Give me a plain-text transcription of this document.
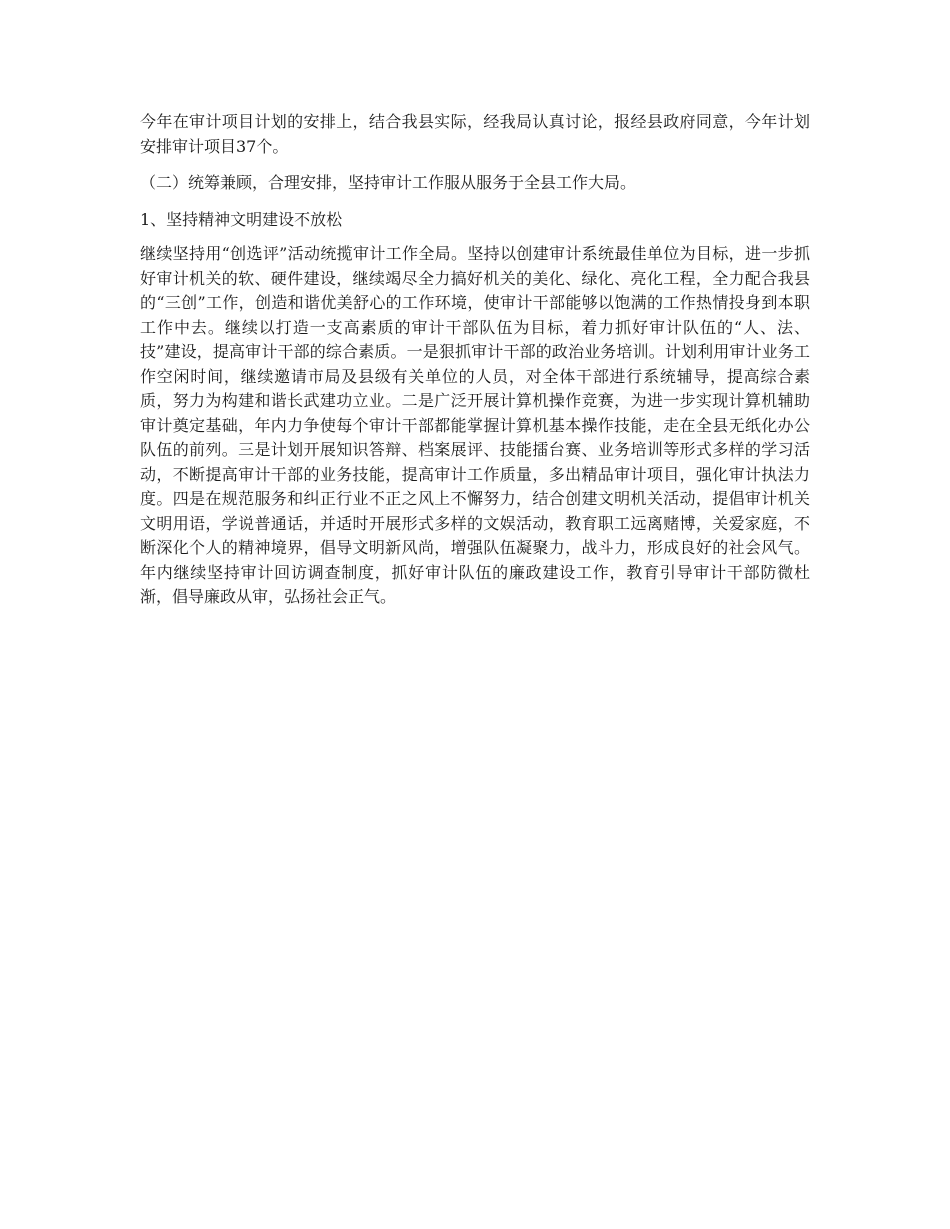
今年在审计项目计划的安排上，结合我县实际，经我局认真讨论，报经县政府同意，今年计划安排审计项目37个。

（二）统筹兼顾，合理安排，坚持审计工作服从服务于全县工作大局。

1、坚持精神文明建设不放松

继续坚持用“创选评”活动统揽审计工作全局。坚持以创建审计系统最佳单位为目标，进一步抓好审计机关的软、硬件建设，继续竭尽全力搞好机关的美化、绿化、亮化工程，全力配合我县的“三创”工作，创造和谐优美舒心的工作环境，使审计干部能够以饱满的工作热情投身到本职工作中去。继续以打造一支高素质的审计干部队伍为目标，着力抓好审计队伍的“人、法、技”建设，提高审计干部的综合素质。一是狠抓审计干部的政治业务培训。计划利用审计业务工作空闲时间，继续邀请市局及县级有关单位的人员，对全体干部进行系统辅导，提高综合素质，努力为构建和谐长武建功立业。二是广泛开展计算机操作竞赛，为进一步实现计算机辅助审计奠定基础，年内力争使每个审计干部都能掌握计算机基本操作技能，走在全县无纸化办公队伍的前列。三是计划开展知识答辩、档案展评、技能擂台赛、业务培训等形式多样的学习活动，不断提高审计干部的业务技能，提高审计工作质量，多出精品审计项目，强化审计执法力度。四是在规范服务和纠正行业不正之风上不懈努力，结合创建文明机关活动，提倡审计机关文明用语，学说普通话，并适时开展形式多样的文娱活动，教育职工远离赌博，关爱家庭，不断深化个人的精神境界，倡导文明新风尚，增强队伍凝聚力，战斗力，形成良好的社会风气。年内继续坚持审计回访调查制度，抓好审计队伍的廉政建设工作，教育引导审计干部防微杜渐，倡导廉政从审，弘扬社会正气。
